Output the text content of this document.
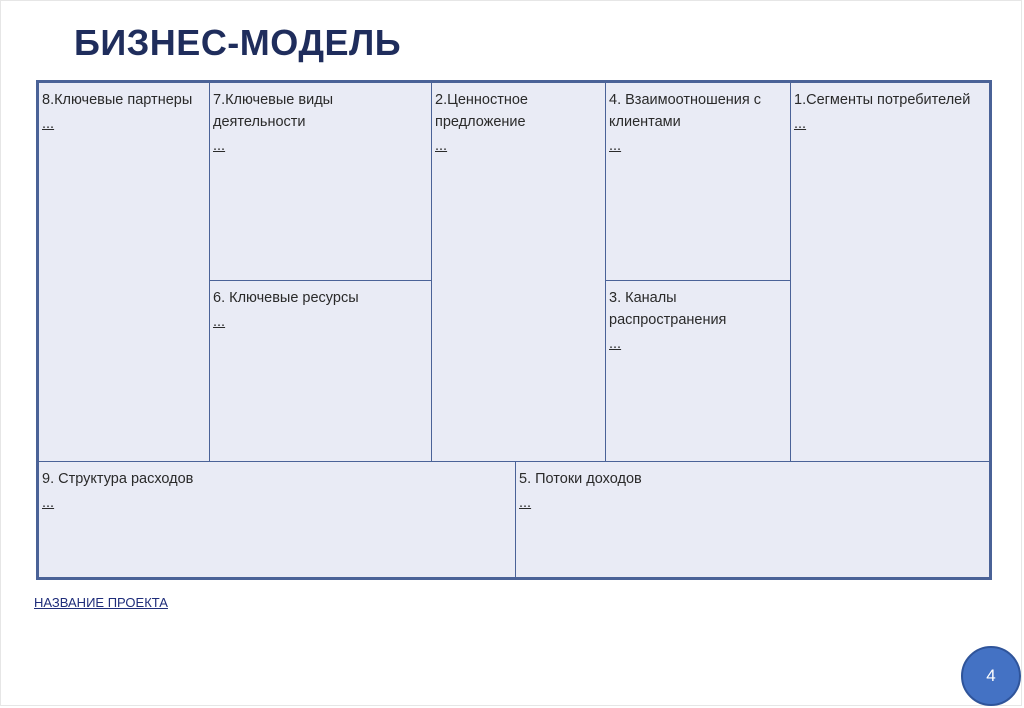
БИЗНЕС-МОДЕЛЬ
8.Ключевые партнеры
...
7.Ключевые виды деятельности
...
6. Ключевые ресурсы
...
2.Ценностное предложение
...
4. Взаимоотношения с клиентами
...
3. Каналы распространения
...
1.Сегменты потребителей
...
9. Структура расходов
...
5. Потоки доходов
...
НАЗВАНИЕ ПРОЕКТА
4
